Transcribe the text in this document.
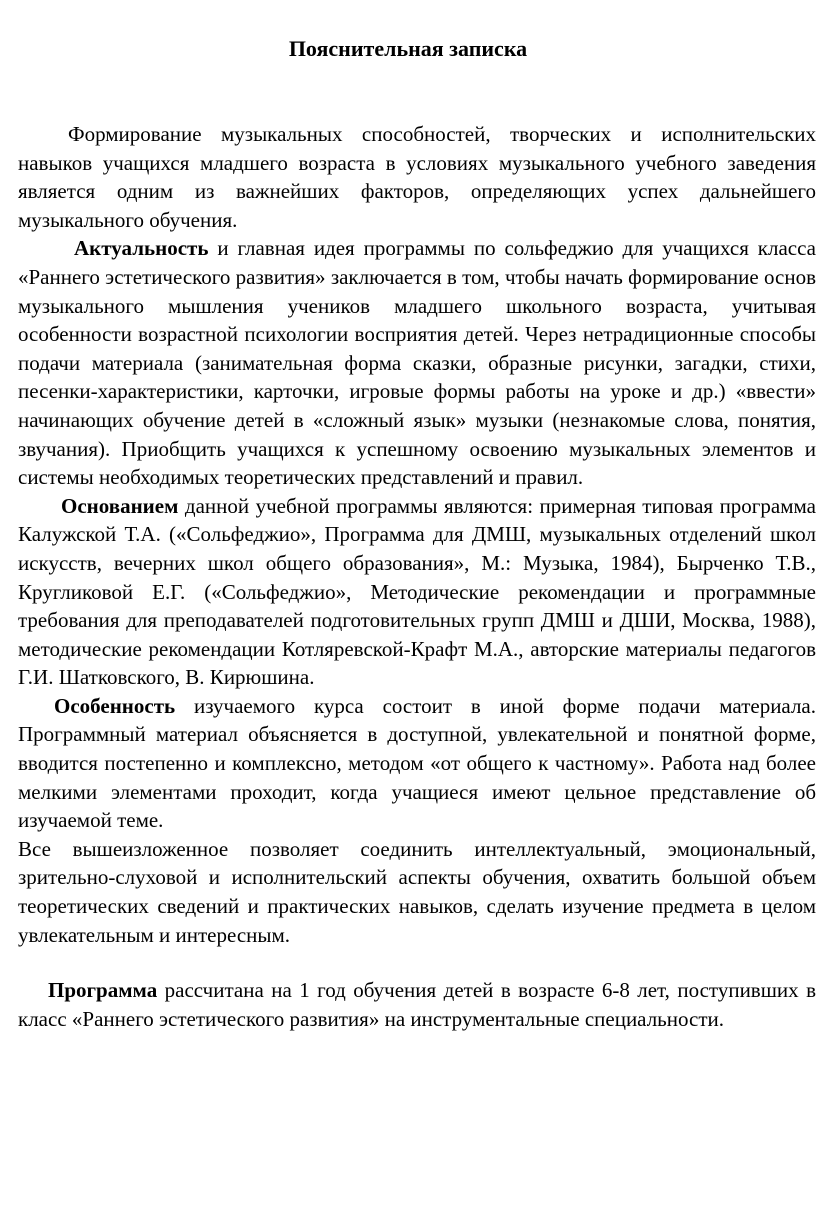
Пояснительная записка

Формирование музыкальных способностей, творческих и исполнительских навыков учащихся младшего возраста в условиях музыкального учебного заведения является одним из важнейших факторов, определяющих успех дальнейшего музыкального обучения.

Актуальность и главная идея программы по сольфеджио для учащихся класса «Раннего эстетического развития» заключается в том, чтобы начать формирование основ музыкального мышления учеников младшего школьного возраста, учитывая особенности возрастной психологии восприятия детей. Через нетрадиционные способы подачи материала (занимательная форма сказки, образные рисунки, загадки, стихи, песенки-характеристики, карточки, игровые формы работы на уроке и др.) «ввести» начинающих обучение детей в «сложный язык» музыки (незнакомые слова, понятия, звучания). Приобщить учащихся к успешному освоению музыкальных элементов и системы необходимых теоретических представлений и правил.

Основанием данной учебной программы являются: примерная типовая программа Калужской Т.А. («Сольфеджио», Программа для ДМШ, музыкальных отделений школ искусств, вечерних школ общего образования», М.: Музыка, 1984), Бырченко Т.В., Кругликовой Е.Г. («Сольфеджио», Методические рекомендации и программные требования для преподавателей подготовительных групп ДМШ и ДШИ, Москва, 1988), методические рекомендации Котляревской-Крафт М.А., авторские материалы педагогов Г.И. Шатковского, В. Кирюшина.

Особенность изучаемого курса состоит в иной форме подачи материала. Программный материал объясняется в доступной, увлекательной и понятной форме, вводится постепенно и комплексно, методом «от общего к частному». Работа над более мелкими элементами проходит, когда учащиеся имеют цельное представление об изучаемой теме.

Все вышеизложенное позволяет соединить интеллектуальный, эмоциональный, зрительно-слуховой и исполнительский аспекты обучения, охватить большой объем теоретических сведений и практических навыков, сделать изучение предмета в целом увлекательным и интересным.

Программа рассчитана на 1 год обучения детей в возрасте 6-8 лет, поступивших в класс «Раннего эстетического развития» на инструментальные специальности.
